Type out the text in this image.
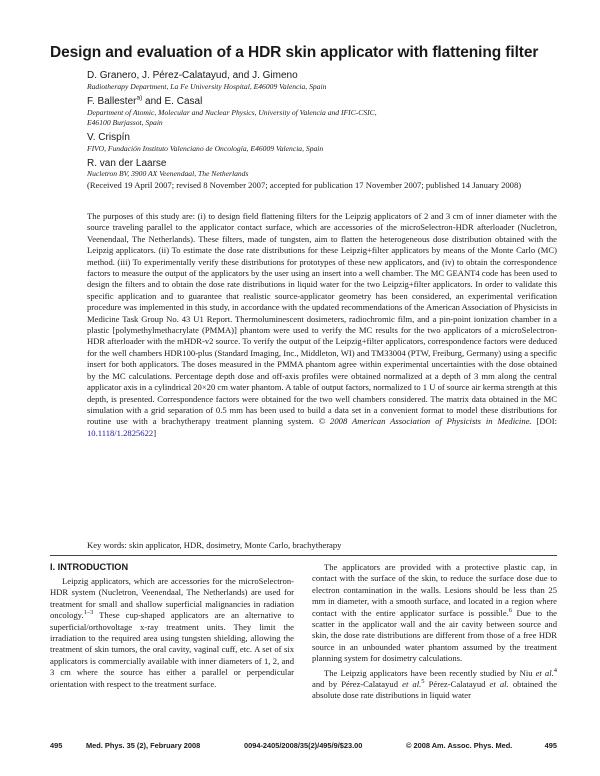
Design and evaluation of a HDR skin applicator with flattening filter
D. Granero, J. Pérez-Calatayud, and J. Gimeno
Radiotherapy Department, La Fe University Hospital, E46009 Valencia, Spain
F. Ballester$^{a)}$ and E. Casal
Department of Atomic, Molecular and Nuclear Physics, University of Valencia and IFIC-CSIC,
E46100 Burjassot, Spain
V. Crispín
FIVO, Fundación Instituto Valenciano de Oncología, E46009 Valencia, Spain
R. van der Laarse
Nucletron BV, 3900 AX Veenendaal, The Netherlands
(Received 19 April 2007; revised 8 November 2007; accepted for publication 17 November 2007; published 14 January 2008)
The purposes of this study are: (i) to design field flattening filters for the Leipzig applicators of 2 and 3 cm of inner diameter with the source traveling parallel to the applicator contact surface, which are accessories of the microSelectron-HDR afterloader (Nucletron, Veenendaal, The Netherlands). These filters, made of tungsten, aim to flatten the heterogeneous dose distribution obtained with the Leipzig applicators. (ii) To estimate the dose rate distributions for these Leipzig+filter applicators by means of the Monte Carlo (MC) method. (iii) To experimentally verify these distributions for prototypes of these new applicators, and (iv) to obtain the correspondence factors to measure the output of the applicators by the user using an insert into a well chamber. The MC GEANT4 code has been used to design the filters and to obtain the dose rate distributions in liquid water for the two Leipzig+filter applicators. In order to validate this specific application and to guarantee that realistic source-applicator geometry has been considered, an experimental verification procedure was implemented in this study, in accordance with the updated recommendations of the American Association of Physicists in Medicine Task Group No. 43 U1 Report. Thermoluminescent dosimeters, radiochromic film, and a pin-point ionization chamber in a plastic [polymethylmethacrylate (PMMA)] phantom were used to verify the MC results for the two applicators of a microSelectron-HDR afterloader with the mHDR-v2 source. To verify the output of the Leipzig+filter applicators, correspondence factors were deduced for the well chambers HDR100-plus (Standard Imaging, Inc., Middleton, WI) and TM33004 (PTW, Freiburg, Germany) using a specific insert for both applicators. The doses measured in the PMMA phantom agree within experimental uncertainties with the dose obtained by the MC calculations. Percentage depth dose and off-axis profiles were obtained normalized at a depth of 3 mm along the central applicator axis in a cylindrical 20×20 cm water phantom. A table of output factors, normalized to 1 U of source air kerma strength at this depth, is presented. Correspondence factors were obtained for the two well chambers considered. The matrix data obtained in the MC simulation with a grid separation of 0.5 mm has been used to build a data set in a convenient format to model these distributions for routine use with a brachytherapy treatment planning system. © 2008 American Association of Physicists in Medicine. [DOI: 10.1118/1.2825622]
Key words: skin applicator, HDR, dosimetry, Monte Carlo, brachytherapy
I. INTRODUCTION

Leipzig applicators, which are accessories for the microSelectron-HDR system (Nucletron, Veenendaal, The Netherlands) are used for treatment for small and shallow superficial malignancies in radiation oncology.$^{1-3}$ These cup-shaped applicators are an alternative to superficial/orthovoltage x-ray treatment units. They limit the irradiation to the required area using tungsten shielding, allowing the treatment of skin tumors, the oral cavity, vaginal cuff, etc. A set of six applicators is commercially available with inner diameters of 1, 2, and 3 cm where the source has either a parallel or perpendicular orientation with respect to the treatment surface.

The applicators are provided with a protective plastic cap, in contact with the surface of the skin, to reduce the surface dose due to electron contamination in the walls. Lesions should be less than 25 mm in diameter, with a smooth surface, and located in a region where contact with the entire applicator surface is possible.$^6$ Due to the scatter in the applicator wall and the air cavity between source and skin, the dose rate distributions are different from those of a free HDR source in an unbounded water phantom assumed by the treatment planning system for dosimetry calculations.

The Leipzig applicators have been recently studied by Niu et al.$^4$ and by Pérez-Calatayud et al.$^5$ Pérez-Calatayud et al. obtained the absolute dose rate distributions in liquid water

495	Med. Phys. 35 (2), February 2008	0094-2405/2008/35(2)/495/9/$23.00	© 2008 Am. Assoc. Phys. Med.	495
